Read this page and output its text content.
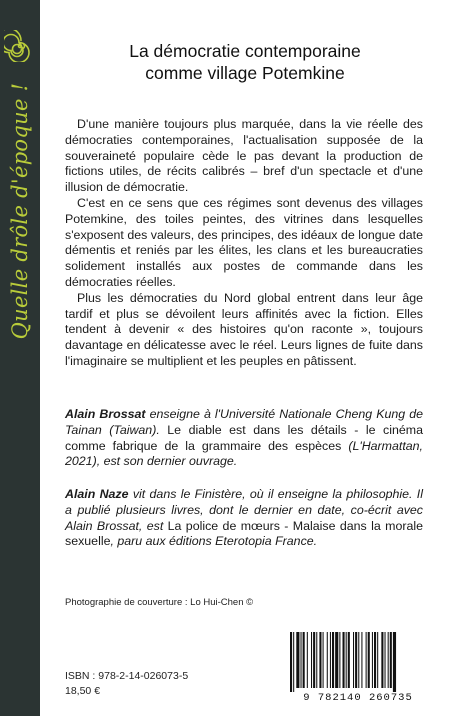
Quelle drôle d'époque !
La démocratie contemporaine
comme village Potemkine

D'une manière toujours plus marquée, dans la vie réelle des démocraties contemporaines, l'actualisation supposée de la souveraineté populaire cède le pas devant la production de fictions utiles, de récits calibrés – bref d'un spectacle et d'une illusion de démocratie.

C'est en ce sens que ces régimes sont devenus des villages Potemkine, des toiles peintes, des vitrines dans lesquelles s'exposent des valeurs, des principes, des idéaux de longue date démentis et reniés par les élites, les clans et les bureaucraties solidement installés aux postes de commande dans les démocraties réelles.

Plus les démocraties du Nord global entrent dans leur âge tardif et plus se dévoilent leurs affinités avec la fiction. Elles tendent à devenir « des histoires qu'on raconte », toujours davantage en délicatesse avec le réel. Leurs lignes de fuite dans l'imaginaire se multiplient et les peuples en pâtissent.

Alain Brossat enseigne à l'Université Nationale Cheng Kung de Tainan (Taiwan). Le diable est dans les détails - le cinéma comme fabrique de la grammaire des espèces (L'Harmattan, 2021), est son dernier ouvrage.
Alain Naze vit dans le Finistère, où il enseigne la philosophie. Il a publié plusieurs livres, dont le dernier en date, co-écrit avec Alain Brossat, est La police de mœurs - Malaise dans la morale sexuelle, paru aux éditions Eterotopia France.
Photographie de couverture : Lo Hui-Chen ©
ISBN : 978-2-14-026073-5
18,50 €
9 782140 260735
